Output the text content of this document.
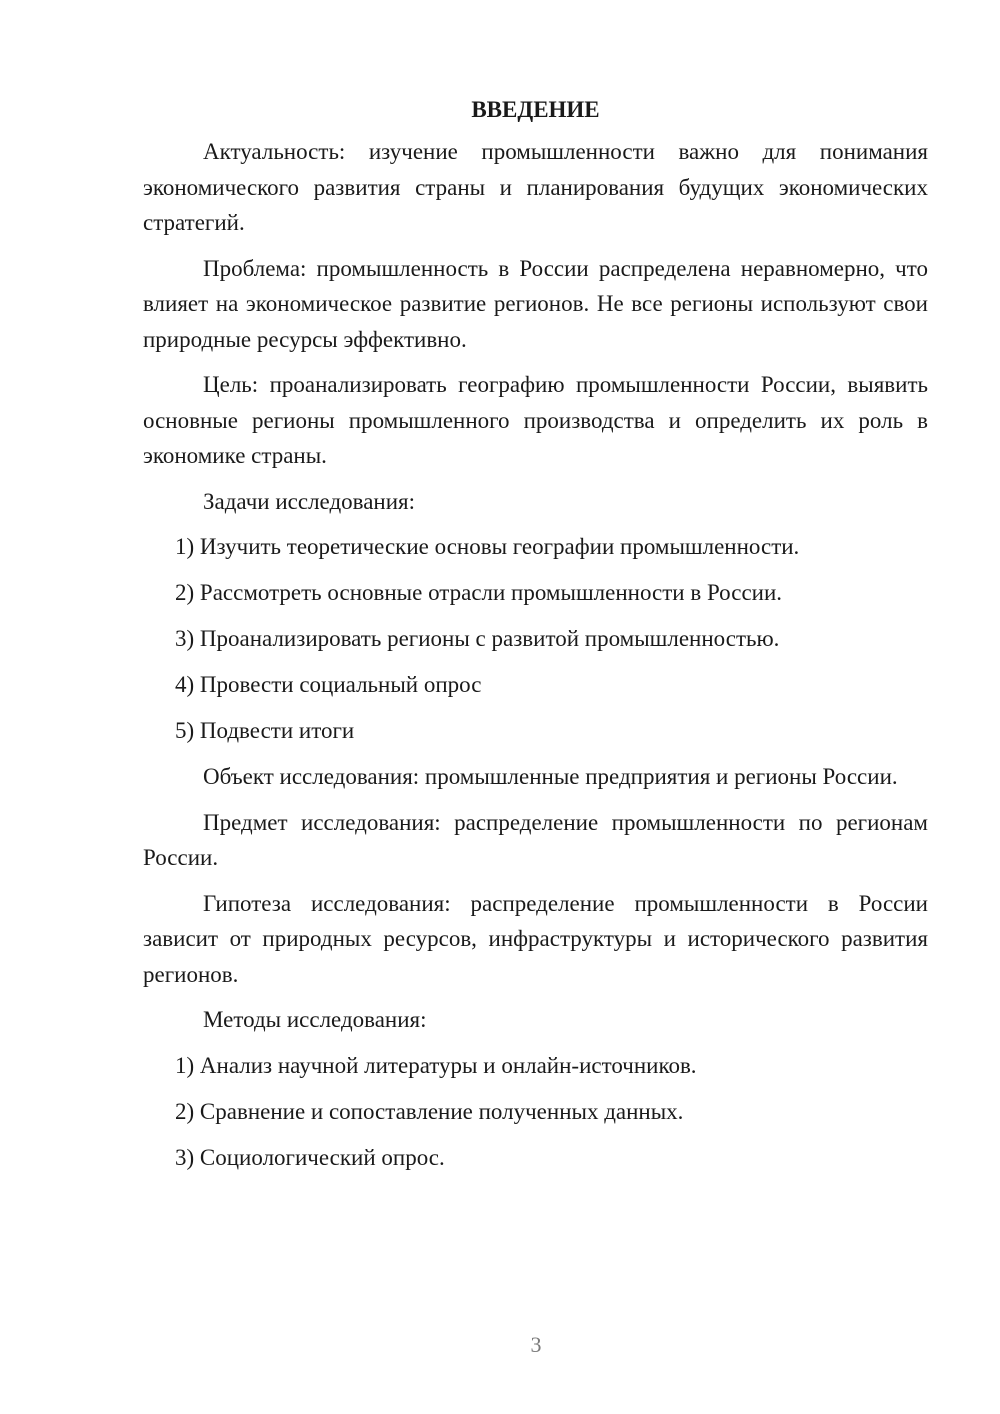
ВВЕДЕНИЕ

Актуальность: изучение промышленности важно для понимания экономического развития страны и планирования будущих экономических стратегий.

Проблема: промышленность в России распределена неравномерно, что влияет на экономическое развитие регионов. Не все регионы используют свои природные ресурсы эффективно.

Цель: проанализировать географию промышленности России, выявить основные регионы промышленного производства и определить их роль в экономике страны.

Задачи исследования:

1) Изучить теоретические основы географии промышленности.

2) Рассмотреть основные отрасли промышленности в России.

3) Проанализировать регионы с развитой промышленностью.

4) Провести социальный опрос

5) Подвести итоги

Объект исследования: промышленные предприятия и регионы России.

Предмет исследования: распределение промышленности по регионам России.

Гипотеза исследования: распределение промышленности в России зависит от природных ресурсов, инфраструктуры и исторического развития регионов.

Методы исследования:

1) Анализ научной литературы и онлайн-источников.

2) Сравнение и сопоставление полученных данных.

3) Социологический опрос.

3
